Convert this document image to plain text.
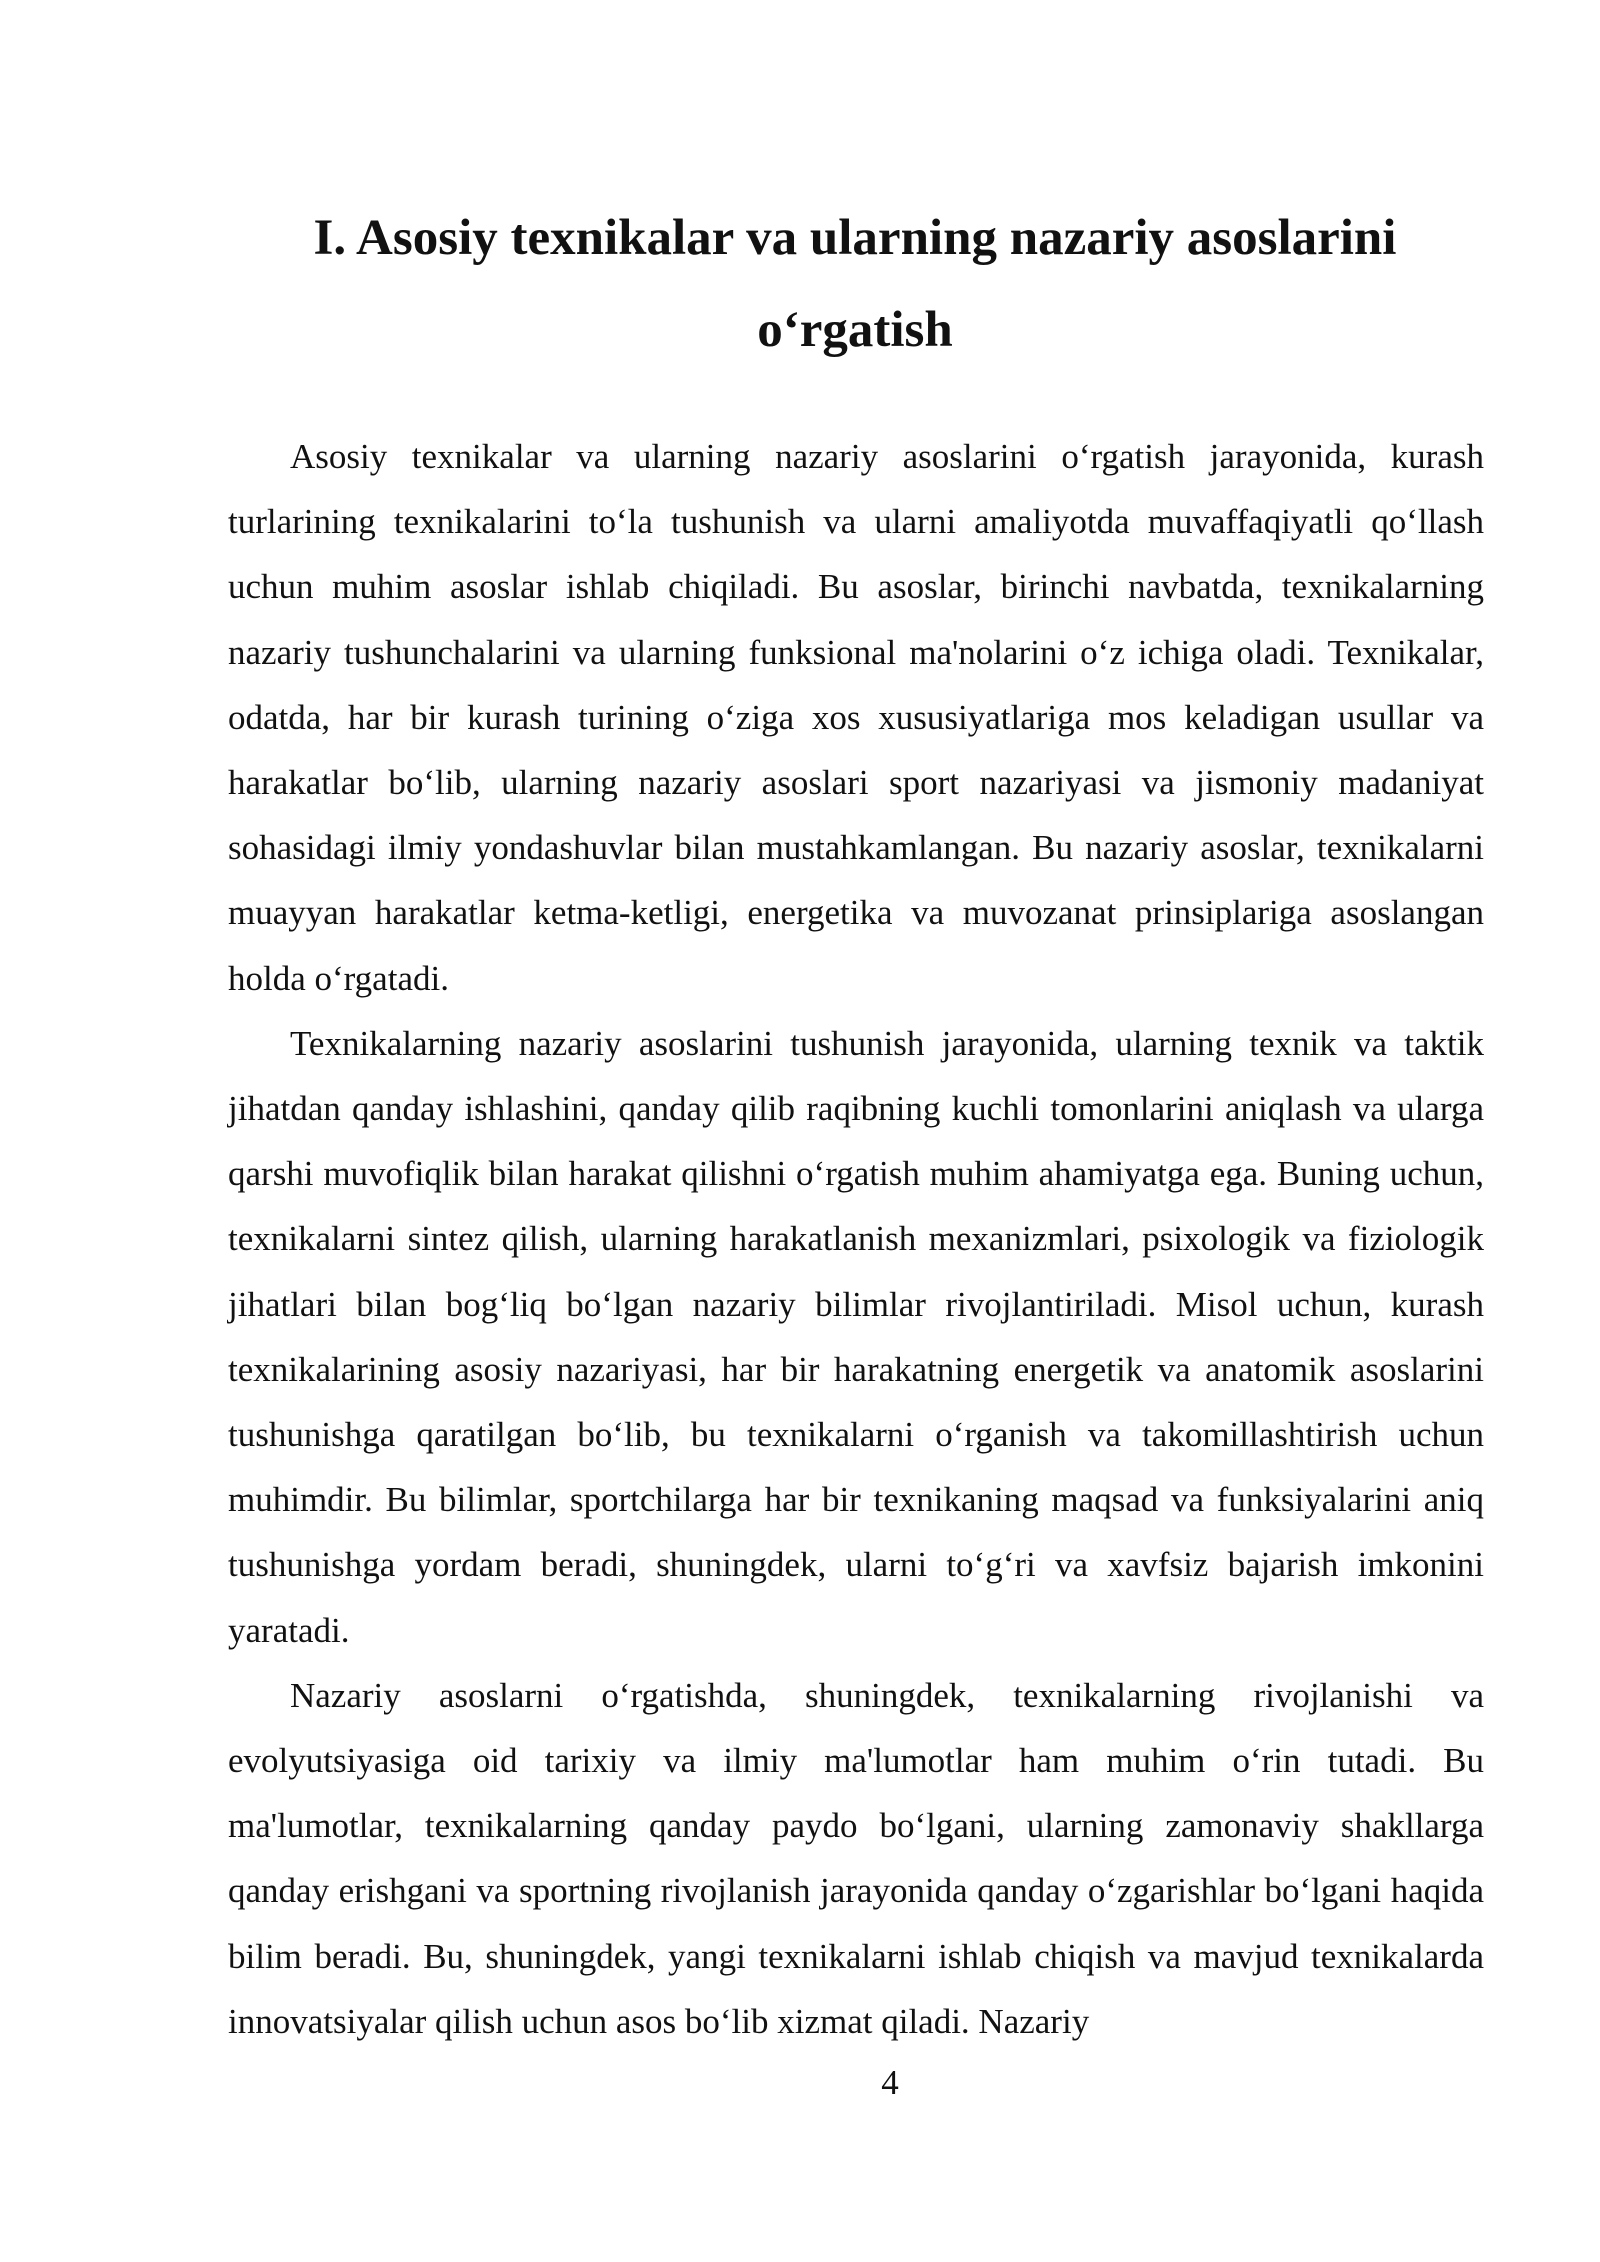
I. Asosiy texnikalar va ularning nazariy asoslarini o‘rgatish

Asosiy texnikalar va ularning nazariy asoslarini o‘rgatish jarayonida, kurash turlarining texnikalarini to‘la tushunish va ularni amaliyotda muvaffaqiyatli qo‘llash uchun muhim asoslar ishlab chiqiladi. Bu asoslar, birinchi navbatda, texnikalarning nazariy tushunchalarini va ularning funksional ma'nolarini o‘z ichiga oladi. Texnikalar, odatda, har bir kurash turining o‘ziga xos xususiyatlariga mos keladigan usullar va harakatlar bo‘lib, ularning nazariy asoslari sport nazariyasi va jismoniy madaniyat sohasidagi ilmiy yondashuvlar bilan mustahkamlangan. Bu nazariy asoslar, texnikalarni muayyan harakatlar ketma-ketligi, energetika va muvozanat prinsiplariga asoslangan holda o‘rgatadi.

Texnikalarning nazariy asoslarini tushunish jarayonida, ularning texnik va taktik jihatdan qanday ishlashini, qanday qilib raqibning kuchli tomonlarini aniqlash va ularga qarshi muvofiqlik bilan harakat qilishni o‘rgatish muhim ahamiyatga ega. Buning uchun, texnikalarni sintez qilish, ularning harakatlanish mexanizmlari, psixologik va fiziologik jihatlari bilan bog‘liq bo‘lgan nazariy bilimlar rivojlantiriladi. Misol uchun, kurash texnikalarining asosiy nazariyasi, har bir harakatning energetik va anatomik asoslarini tushunishga qaratilgan bo‘lib, bu texnikalarni o‘rganish va takomillashtirish uchun muhimdir. Bu bilimlar, sportchilarga har bir texnikaning maqsad va funksiyalarini aniq tushunishga yordam beradi, shuningdek, ularni to‘g‘ri va xavfsiz bajarish imkonini yaratadi.

Nazariy asoslarni o‘rgatishda, shuningdek, texnikalarning rivojlanishi va evolyutsiyasiga oid tarixiy va ilmiy ma'lumotlar ham muhim o‘rin tutadi. Bu ma'lumotlar, texnikalarning qanday paydo bo‘lgani, ularning zamonaviy shakllarga qanday erishgani va sportning rivojlanish jarayonida qanday o‘zgarishlar bo‘lgani haqida bilim beradi. Bu, shuningdek, yangi texnikalarni ishlab chiqish va mavjud texnikalarda innovatsiyalar qilish uchun asos bo‘lib xizmat qiladi. Nazariy

4
